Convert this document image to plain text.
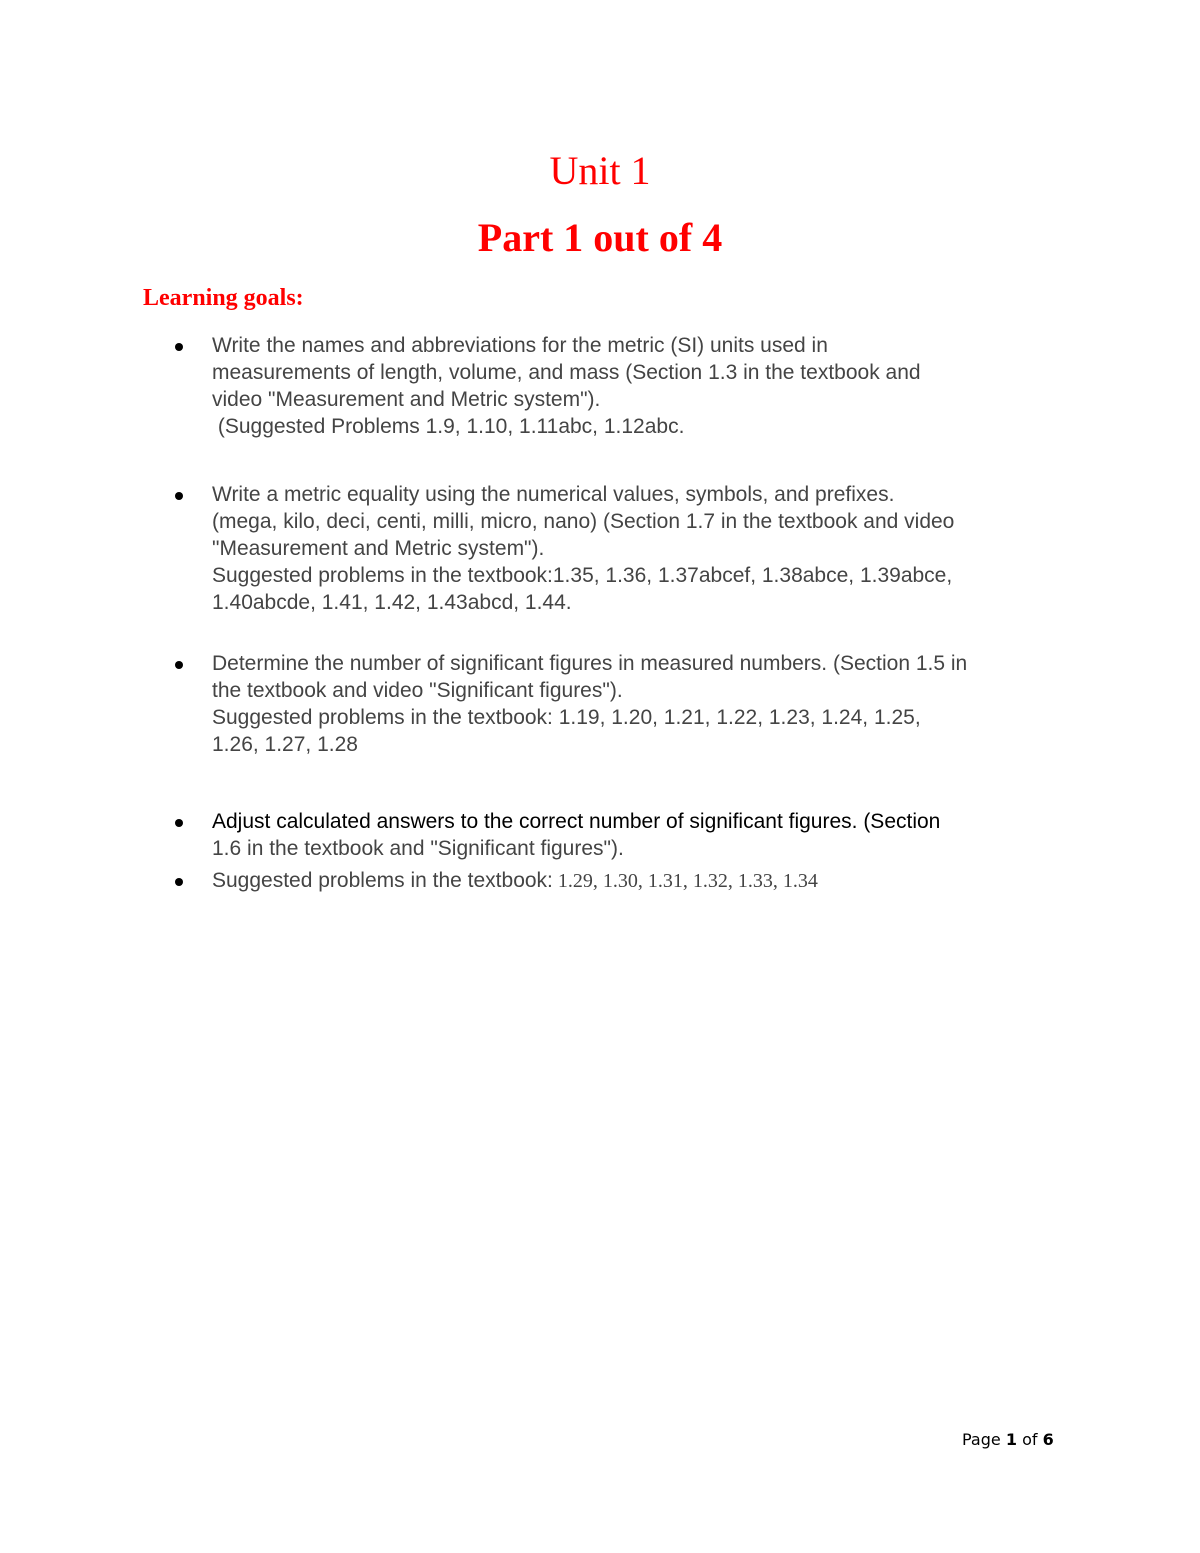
Unit 1
Part 1 out of 4
Learning goals:
Write the names and abbreviations for the metric (SI) units used in
measurements of length, volume, and mass (Section 1.3 in the textbook and
video "Measurement and Metric system").
(Suggested Problems 1.9, 1.10, 1.11abc, 1.12abc.
Write a metric equality using the numerical values, symbols, and prefixes.
(mega, kilo, deci, centi, milli, micro, nano) (Section 1.7 in the textbook and video
"Measurement and Metric system").
Suggested problems in the textbook:1.35, 1.36, 1.37abcef, 1.38abce, 1.39abce,
1.40abcde, 1.41, 1.42, 1.43abcd, 1.44.
Determine the number of significant figures in measured numbers. (Section 1.5 in
the textbook and video "Significant figures").
Suggested problems in the textbook: 1.19, 1.20, 1.21, 1.22, 1.23, 1.24, 1.25,
1.26, 1.27, 1.28
Adjust calculated answers to the correct number of significant figures. (Section
1.6 in the textbook and "Significant figures").
Suggested problems in the textbook: 1.29, 1.30, 1.31, 1.32, 1.33, 1.34
Page 1 of 6
